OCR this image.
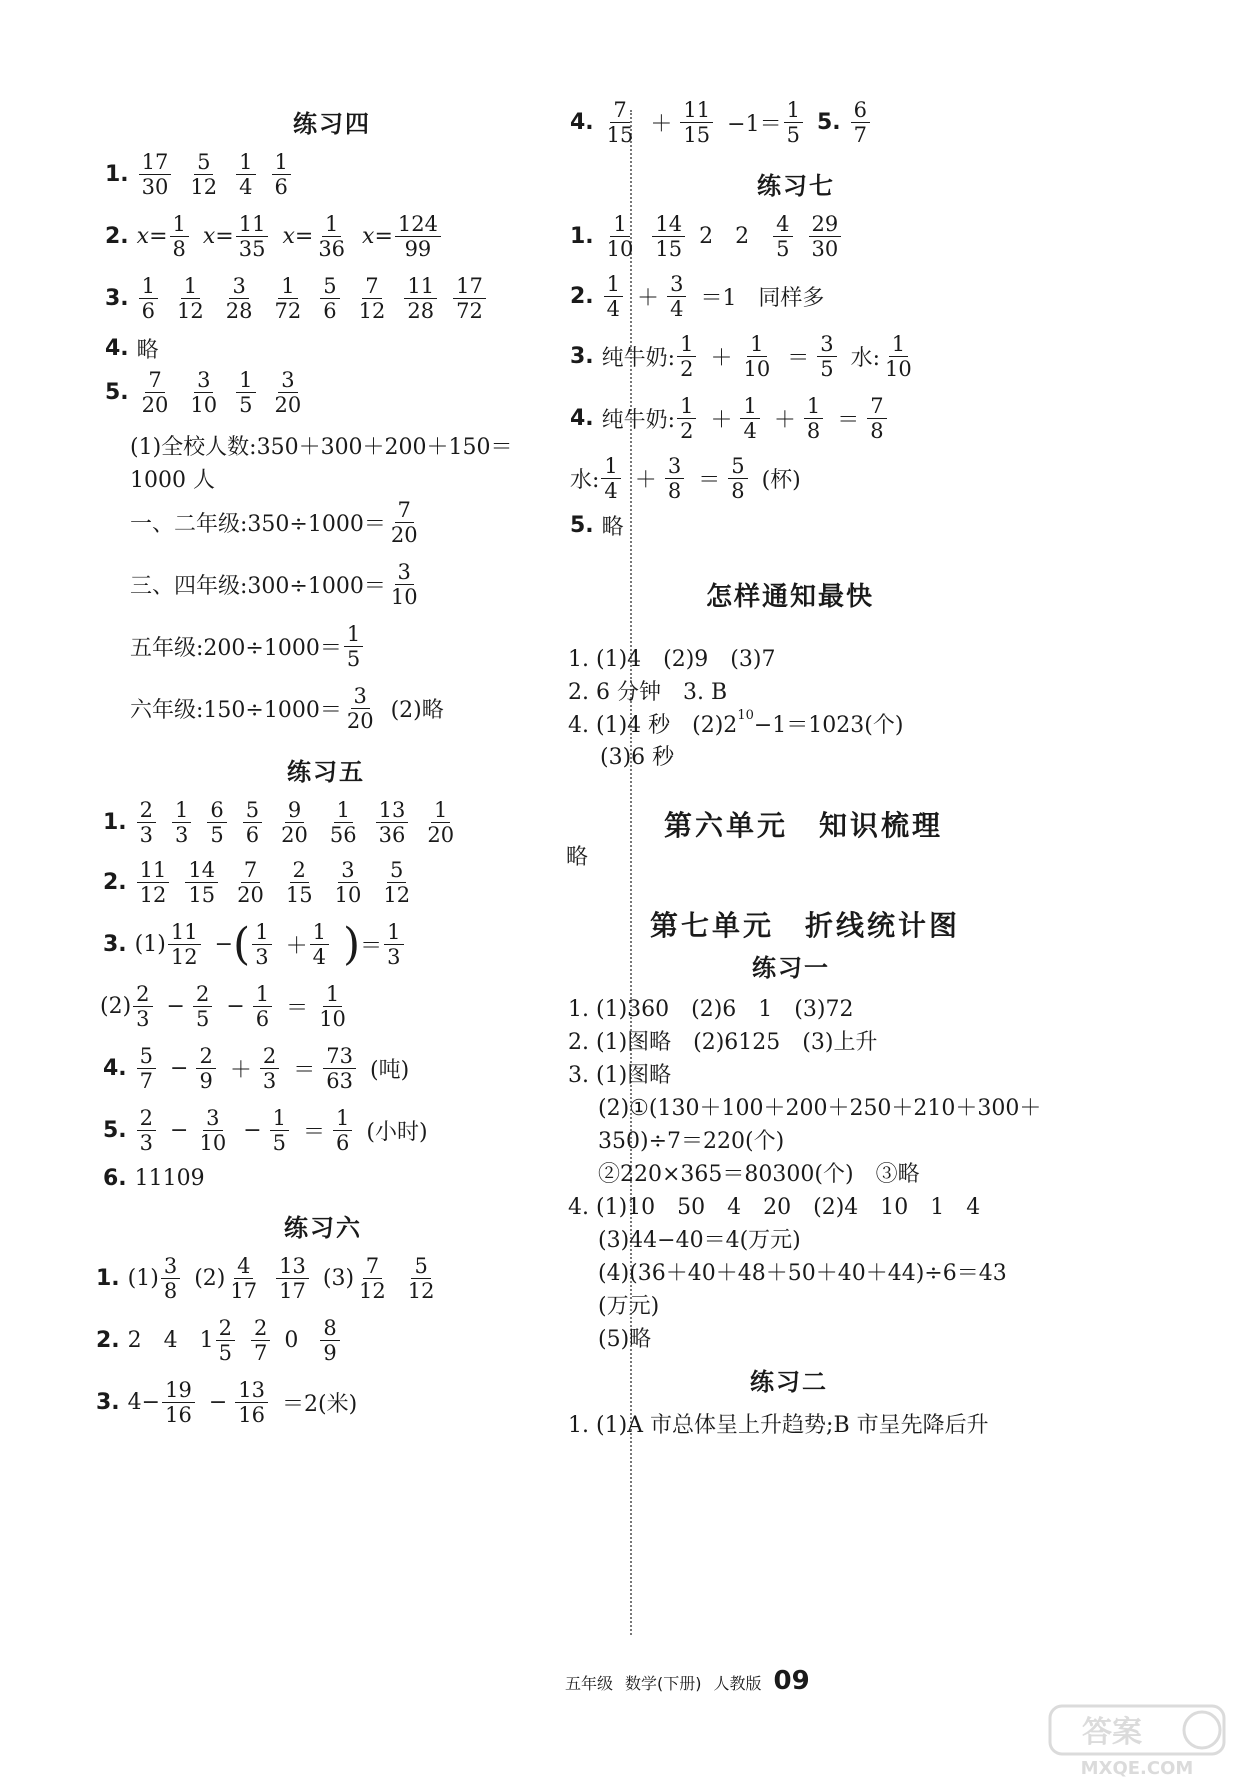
练习四
1.
17
30
5
12
1
4
1
6
2. $x= \frac{1}{8} x= \frac{11}{35} x= \frac{1}{36} x= \frac{124}{99}$
3.
1
6
1
12
3
28
1
72
5
6
7
12
11
28
17
72
4. 略
5.
7
20
3
10
1
5
3
20
(1)全校人数:350＋300＋200＋150＝
1000 人
一、二年级:350÷1000＝
7
20
三、四年级:300÷1000＝
3
10
五年级:200÷1000＝
1
5
六年级:150÷1000＝
3
20 (2)略
练习五
1.
2
3
1
3
6
5
5
6
9
20
1
56
13
36
1
20
2.
11
12
14
15
7
20
2
15
3
10
5
12
3. (1)
11
12 − ( 1
3 ＋
1
4 ) ＝
1
3
(2)
2
$3 - \frac{2}{5} - \frac{1}{6}$ ＝
1
10
4.
5
$7 - \frac{2}{9}$ ＋
2
3 ＝
73
63 (吨)
5.
2
$3 - \frac{3}{10} - \frac{1}{5}$ ＝
1
6 (小时)
6. 11109
练习六
1. (1)
3
8 (2)
4
17
13
17 (3)
7
12
5
12
2. 2 4 1
2
5
2
7 0
8
9
3. $4- \frac{19}{16} - \frac{13}{16} =2$(米)
4.
7
15 ＋
11
15 −1＝
1
5 5.
6
7
练习七
1.
1
10
14
15 2 2
4
5
29
30
2.
1
4 ＋
3
4 ＝1　同样多
3. 纯牛奶:
1
2 ＋
1
10 ＝
3
5 水:
1
10
4. 纯牛奶:
1
2 ＋
1
4 ＋
1
8 ＝
7
8
水:
1
4 ＋
3
8 ＝
5
8 (杯)
5. 略
怎样通知最快
1. (1)4　(2)9　(3)7
2. 6 分钟　3. B
4. (1)4 秒　$(2)2^{10} -1=1023$(个)
(3)6 秒
第六单元　知识梳理
略
第七单元　折线统计图
练习一
1. (1)360　(2)6　1　(3)72
2. (1)图略　(2)6125　(3)上升
3. (1)图略
(2)①(130＋100＋200＋250＋210＋300＋
350)÷7＝220(个)
②220×365＝80300(个)　③略
4. (1)10　50　4　20　(2)4　10　1　4
(3)44−40＝4(万元)
(4)(36＋40＋48＋50＋40＋44)÷6＝43
(万元)
(5)略
练习二
1. (1)A 市总体呈上升趋势;B 市呈先降后升
五年级 数学(下册) 人教版 09
答案
MXQE.COM
